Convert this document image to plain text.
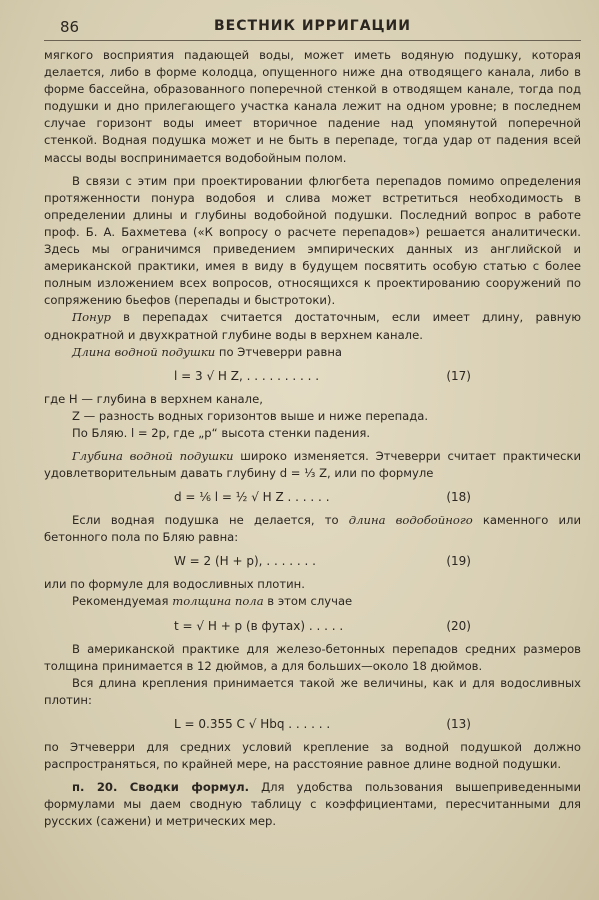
86	ВЕСТНИК ИРРИГАЦИИ

мягкого восприятия падающей воды, может иметь водяную подушку, которая делается, либо в форме колодца, опущенного ниже дна отводящего канала, либо в форме бассейна, образованного поперечной стенкой в отводящем канале, тогда под подушки и дно прилегающего участка канала лежит на одном уровне; в последнем случае горизонт воды имеет вторичное падение над упомянутой поперечной стенкой. Водная подушка может и не быть в перепаде, тогда удар от падения всей массы воды воспринимается водобойным полом.

В связи с этим при проектировании флюгбета перепадов помимо определения протяженности понура водобоя и слива может встретиться необходимость в определении длины и глубины водобойной подушки. Последний вопрос в работе проф. Б. А. Бахметева («К вопросу о расчете перепадов») решается аналитически. Здесь мы ограничимся приведением эмпирических данных из английской и американской практики, имея в виду в будущем посвятить особую статью с более полным изложением всех вопросов, относящихся к проектированию сооружений по сопряжению бьефов (перепады и быстротоки).

Понур в перепадах считается достаточным, если имеет длину, равную однократной и двухкратной глубине воды в верхнем канале.

Длина водной подушки по Этчеверри равна

l = 3 √ H Z, . . . . . . . . . .	(17)

где H — глубина в верхнем канале,

Z — разность водных горизонтов выше и ниже перепада.

По Бляю. l = 2p, где „p“ высота стенки падения.

Глубина водной подушки широко изменяется. Этчеверри считает практически удовлетворительным давать глубину d = ⅓ Z, или по формуле

d = ⅙ l = ½ √ H Z . . . . . .	(18)

Если водная подушка не делается, то длина водобойного каменного или бетонного пола по Бляю равна:

W = 2 (H + p), . . . . . . .	(19)

или по формуле для водосливных плотин.

Рекомендуемая толщина пола в этом случае

t = √ H + p (в футах) . . . . .	(20)

В американской практике для железо-бетонных перепадов средних размеров толщина принимается в 12 дюймов, а для больших—около 18 дюймов.

Вся длина крепления принимается такой же величины, как и для водосливных плотин:

L = 0.355 C √ Hbq . . . . . .	(13)

по Этчеверри для средних условий крепление за водной подушкой должно распространяться, по крайней мере, на расстояние равное длине водной подушки.

п. 20. Сводки формул. Для удобства пользования вышеприведенными формулами мы даем сводную таблицу с коэффициентами, пересчитанными для русских (сажени) и метрических мер.
